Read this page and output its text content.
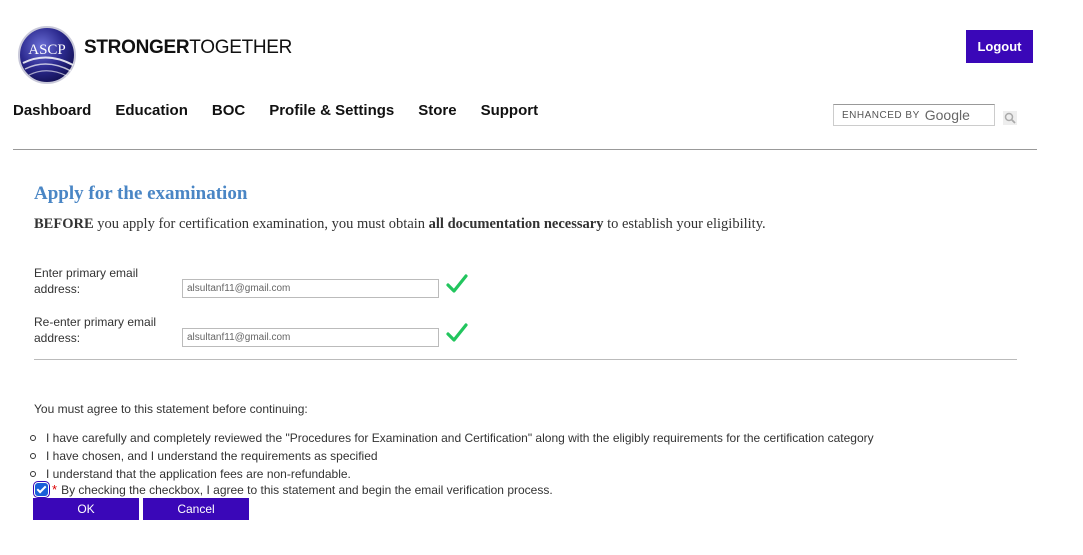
ASCP STRONGERTOGETHER	Logout
Dashboard Education BOC Profile & Settings Store Support	ENHANCED BY Google
Apply for the examination

BEFORE you apply for certification examination, you must obtain all documentation necessary to establish your eligibility.

Enter primary email address:	alsultanf11@gmail.com
Re-enter primary email address:	alsultanf11@gmail.com

You must agree to this statement before continuing:

I have carefully and completely reviewed the "Procedures for Examination and Certification" along with the eligibly requirements for the certification category
I have chosen, and I understand the requirements as specified
I understand that the application fees are non-refundable.
* By checking the checkbox, I agree to this statement and begin the email verification process.
OK	Cancel
